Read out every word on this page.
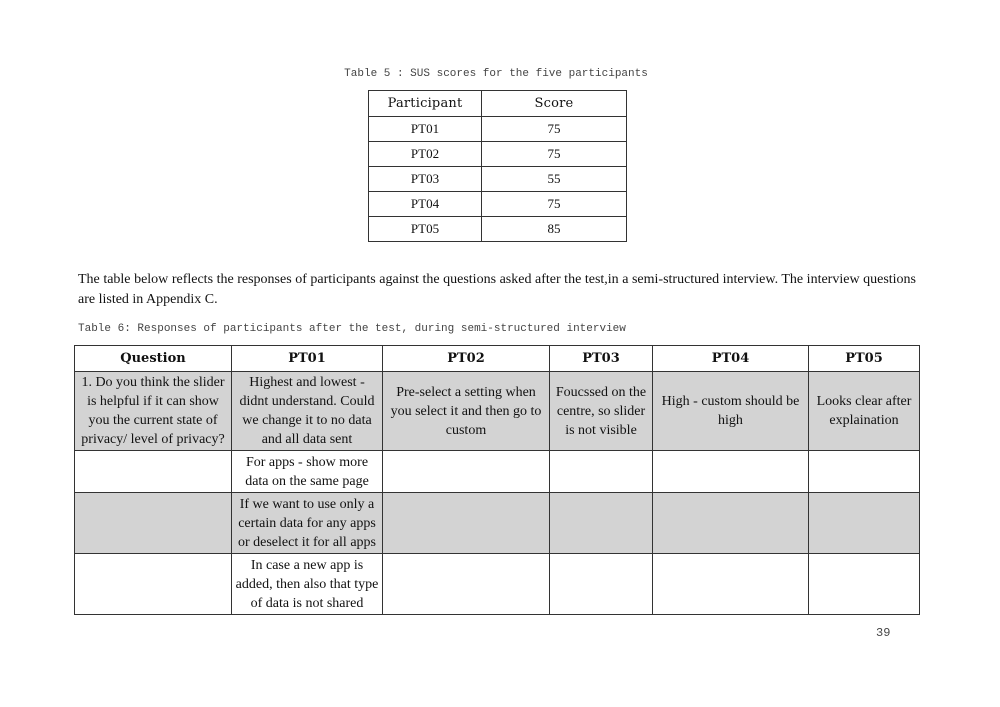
Table 5 : SUS scores for the five participants
Participant	Score
PT01	75
PT02	75
PT03	55
PT04	75
PT05	85

The table below reflects the responses of participants against the questions asked after the test,in a semi-structured interview. The interview questions are listed in Appendix C.

Table 6: Responses of participants after the test, during semi-structured interview
Question	PT01	PT02	PT03	PT04	PT05
1. Do you think the slider is helpful if it can show you the current state of privacy/ level of privacy?	Highest and lowest - didnt understand. Could we change it to no data and all data sent	Pre-select a setting when you select it and then go to custom	Foucssed on the centre, so slider is not visible	High - custom should be high	Looks clear after explaination
	For apps - show more data on the same page				
	If we want to use only a certain data for any apps or deselect it for all apps				
	In case a new app is added, then also that type of data is not shared				
39
